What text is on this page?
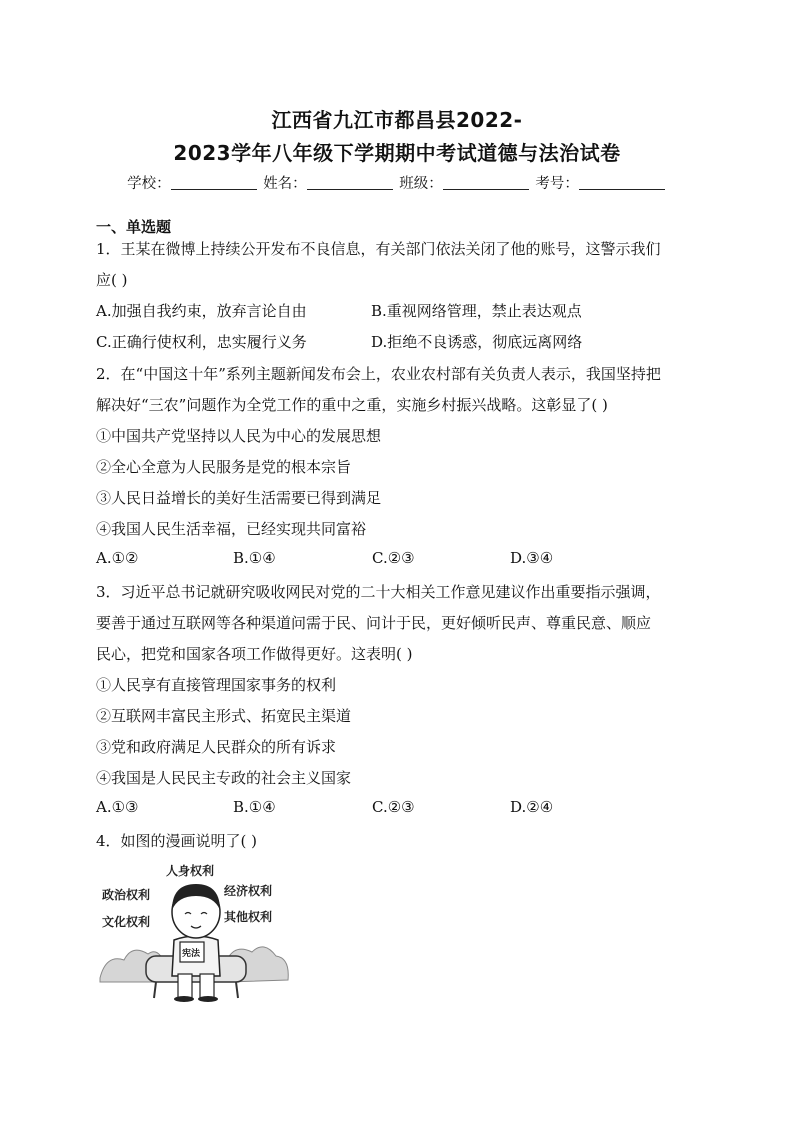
江西省九江市都昌县2022-
2023学年八年级下学期期中考试道德与法治试卷
学校：	姓名：	班级：	考号：
一、单选题
1．王某在微博上持续公开发布不良信息，有关部门依法关闭了他的账号，这警示我们
应( )
A.加强自我约束，放弃言论自由	B.重视网络管理，禁止表达观点
C.正确行使权利，忠实履行义务	D.拒绝不良诱惑，彻底远离网络
2．在“中国这十年”系列主题新闻发布会上，农业农村部有关负责人表示，我国坚持把
解决好“三农”问题作为全党工作的重中之重，实施乡村振兴战略。这彰显了( )
①中国共产党坚持以人民为中心的发展思想
②全心全意为人民服务是党的根本宗旨
③人民日益增长的美好生活需要已得到满足
④我国人民生活幸福，已经实现共同富裕
A.①②	B.①④	C.②③	D.③④
3．习近平总书记就研究吸收网民对党的二十大相关工作意见建议作出重要指示强调，
要善于通过互联网等各种渠道问需于民、问计于民，更好倾听民声、尊重民意、顺应
民心，把党和国家各项工作做得更好。这表明( )
①人民享有直接管理国家事务的权利
②互联网丰富民主形式、拓宽民主渠道
③党和政府满足人民群众的所有诉求
④我国是人民民主专政的社会主义国家
A.①③	B.①④	C.②③	D.②④
4．如图的漫画说明了( )
人身权利
政治权利	经济权利
文化权利	其他权利
宪法
